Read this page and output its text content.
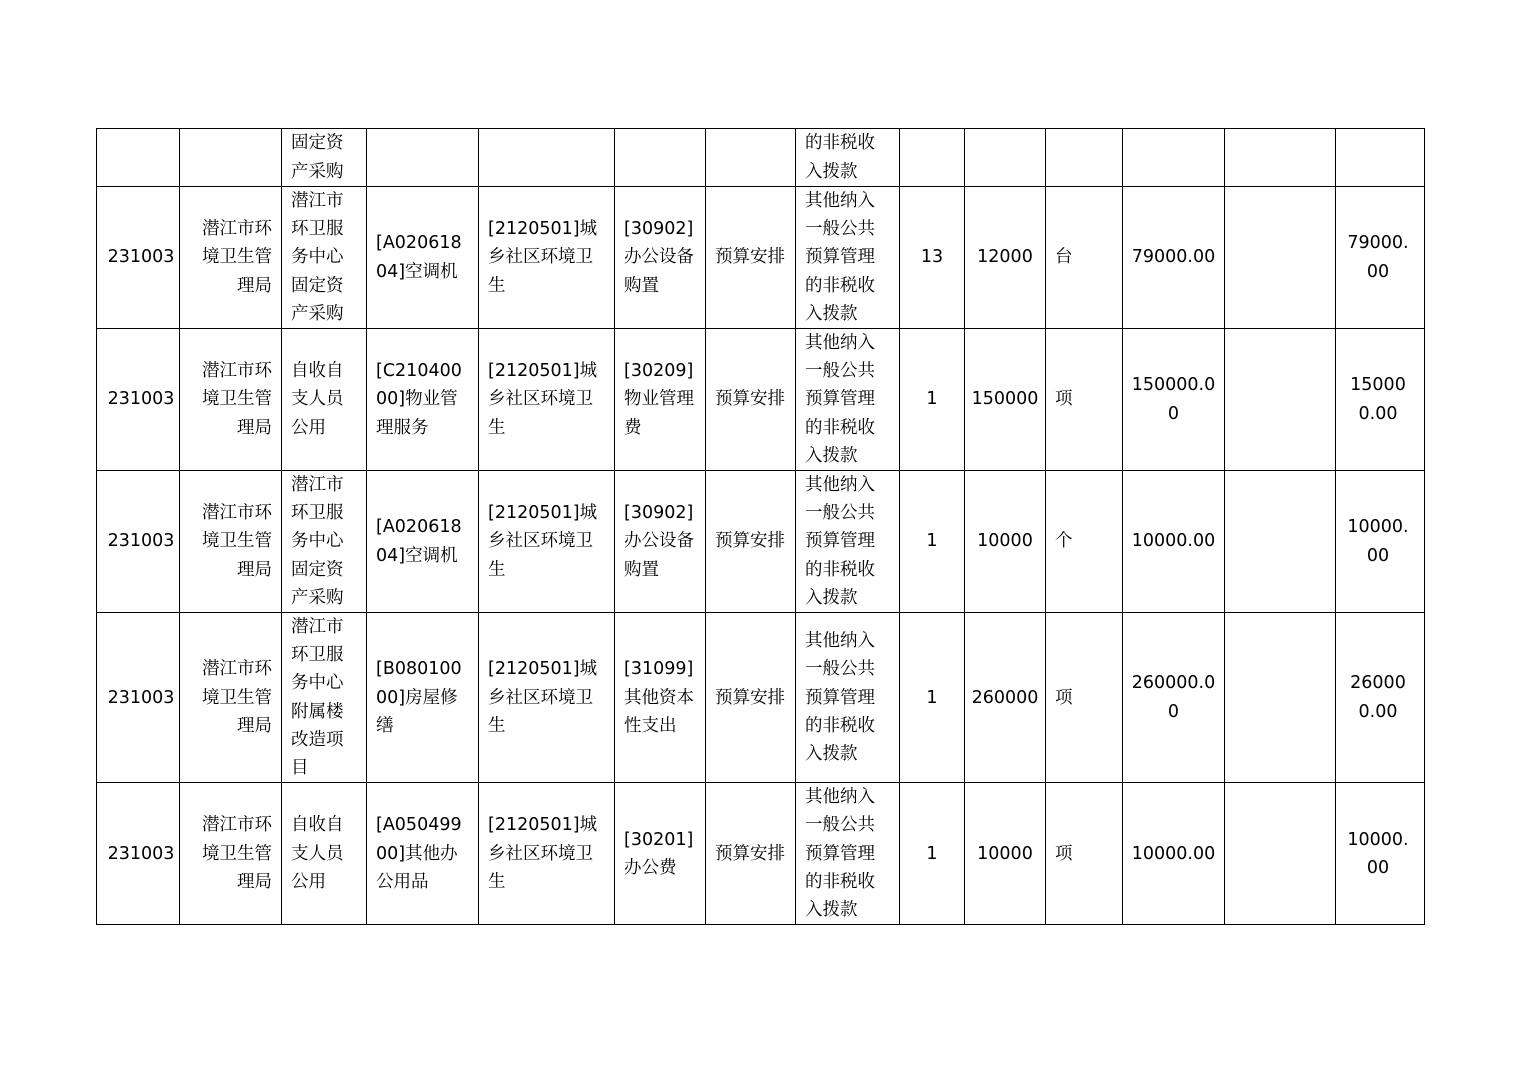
		固定资产采购					的非税收入拨款						
231003	潜江市环境卫生管理局	潜江市环卫服务中心固定资产采购	[A02061804]空调机	[2120501]城乡社区环境卫生	[30902]办公设备购置	预算安排	其他纳入一般公共预算管理的非税收入拨款	13	12000	台	79000.00		79000.00
231003	潜江市环境卫生管理局	自收自支人员公用	[C21040000]物业管理服务	[2120501]城乡社区环境卫生	[30209]物业管理费	预算安排	其他纳入一般公共预算管理的非税收入拨款	1	150000	项	150000.00		150000.00
231003	潜江市环境卫生管理局	潜江市环卫服务中心固定资产采购	[A02061804]空调机	[2120501]城乡社区环境卫生	[30902]办公设备购置	预算安排	其他纳入一般公共预算管理的非税收入拨款	1	10000	个	10000.00		10000.00
231003	潜江市环境卫生管理局	潜江市环卫服务中心附属楼改造项目	[B08010000]房屋修缮	[2120501]城乡社区环境卫生	[31099]其他资本性支出	预算安排	其他纳入一般公共预算管理的非税收入拨款	1	260000	项	260000.00		260000.00
231003	潜江市环境卫生管理局	自收自支人员公用	[A05049900]其他办公用品	[2120501]城乡社区环境卫生	[30201]办公费	预算安排	其他纳入一般公共预算管理的非税收入拨款	1	10000	项	10000.00		10000.00
